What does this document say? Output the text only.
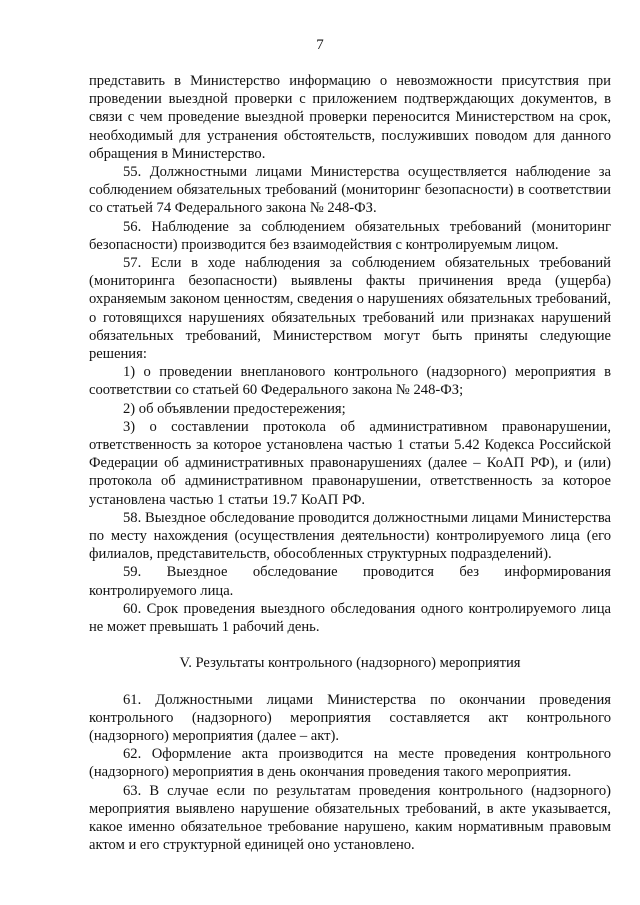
7

представить в Министерство информацию о невозможности присутствия при проведении выездной проверки с приложением подтверждающих документов, в связи с чем проведение выездной проверки переносится Министерством на срок, необходимый для устранения обстоятельств, послуживших поводом для данного обращения в Министерство.

55. Должностными лицами Министерства осуществляется наблюдение за соблюдением обязательных требований (мониторинг безопасности) в соответствии со статьей 74 Федерального закона № 248-ФЗ.

56. Наблюдение за соблюдением обязательных требований (мониторинг безопасности) производится без взаимодействия с контролируемым лицом.

57. Если в ходе наблюдения за соблюдением обязательных требований (мониторинга безопасности) выявлены факты причинения вреда (ущерба) охраняемым законом ценностям, сведения о нарушениях обязательных требований, о готовящихся нарушениях обязательных требований или признаках нарушений обязательных требований, Министерством могут быть приняты следующие решения:

1) о проведении внепланового контрольного (надзорного) мероприятия в соответствии со статьей 60 Федерального закона № 248-ФЗ;

2) об объявлении предостережения;

3) о составлении протокола об административном правонарушении, ответственность за которое установлена частью 1 статьи 5.42 Кодекса Российской Федерации об административных правонарушениях (далее – КоАП РФ), и (или) протокола об административном правонарушении, ответственность за которое установлена частью 1 статьи 19.7 КоАП РФ.

58. Выездное обследование проводится должностными лицами Министерства по месту нахождения (осуществления деятельности) контролируемого лица (его филиалов, представительств, обособленных структурных подразделений).

59. Выездное обследование проводится без информирования контролируемого лица.

60. Срок проведения выездного обследования одного контролируемого лица не может превышать 1 рабочий день.

V. Результаты контрольного (надзорного) мероприятия

61. Должностными лицами Министерства по окончании проведения контрольного (надзорного) мероприятия составляется акт контрольного (надзорного) мероприятия (далее – акт).

62. Оформление акта производится на месте проведения контрольного (надзорного) мероприятия в день окончания проведения такого мероприятия.

63. В случае если по результатам проведения контрольного (надзорного) мероприятия выявлено нарушение обязательных требований, в акте указывается, какое именно обязательное требование нарушено, каким нормативным правовым актом и его структурной единицей оно установлено.
